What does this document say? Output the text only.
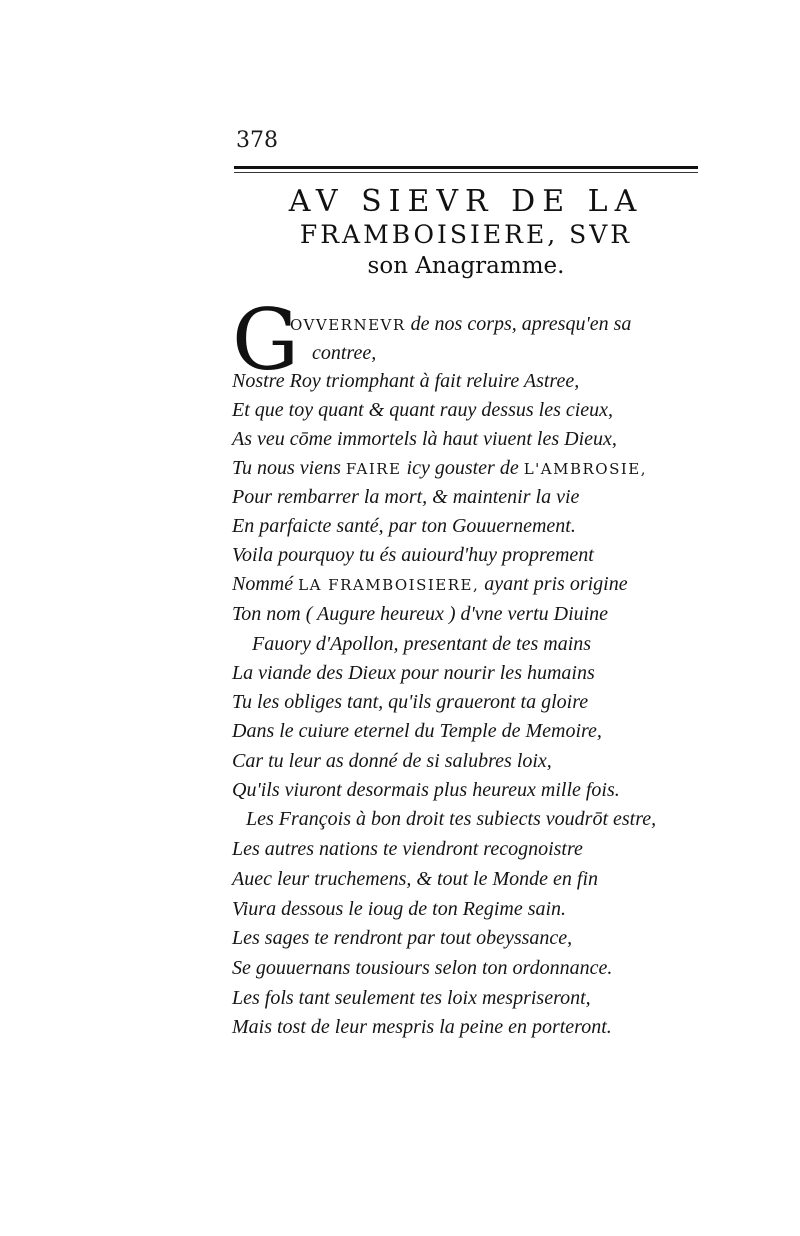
378
AV SIEVR DE LA
FRAMBOISIERE, SVR
son Anagramme.
G
OVVERNEVR de nos corps, apresqu'en sa
contree,
Nostre Roy triomphant à fait reluire Astree,
Et que toy quant & quant rauy dessus les cieux,
As veu cōme immortels là haut viuent les Dieux,
Tu nous viens FAIRE icy gouster de L'AMBROSIE,
Pour rembarrer la mort, & maintenir la vie
En parfaicte santé, par ton Gouuernement.
Voila pourquoy tu és auiourd'huy proprement
Nommé LA FRAMBOISIERE, ayant pris origine
Ton nom ( Augure heureux ) d'vne vertu Diuine
Fauory d'Apollon, presentant de tes mains
La viande des Dieux pour nourir les humains
Tu les obliges tant, qu'ils graueront ta gloire
Dans le cuiure eternel du Temple de Memoire,
Car tu leur as donné de si salubres loix,
Qu'ils viuront desormais plus heureux mille fois.
Les François à bon droit tes subiects voudrōt estre,
Les autres nations te viendront recognoistre
Auec leur truchemens, & tout le Monde en fin
Viura dessous le ioug de ton Regime sain.
Les sages te rendront par tout obeyssance,
Se gouuernans tousiours selon ton ordonnance.
Les fols tant seulement tes loix mespriseront,
Mais tost de leur mespris la peine en porteront.
